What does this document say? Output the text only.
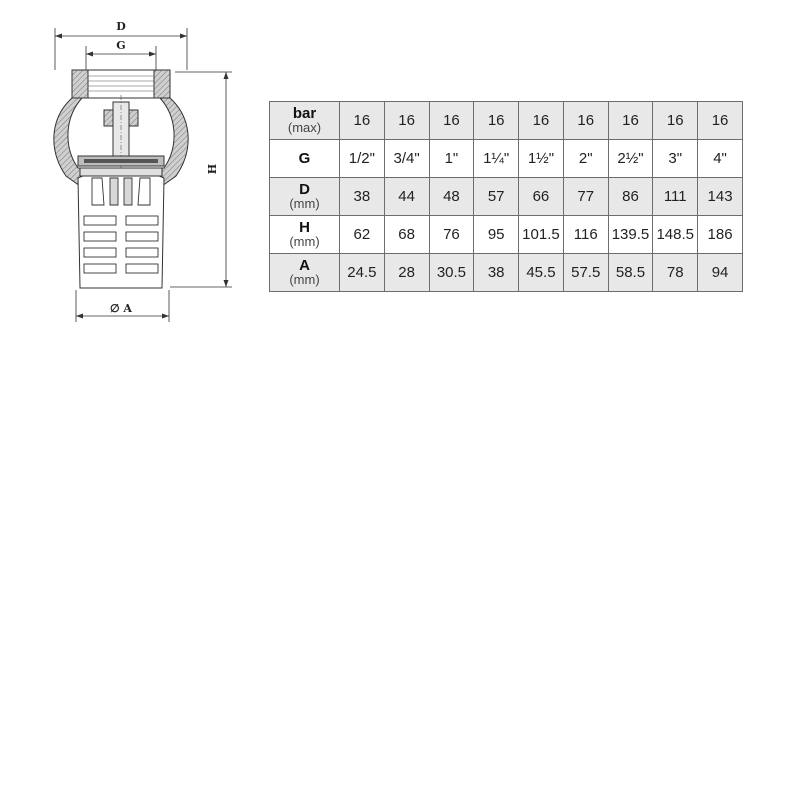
D
G
H
∅ A
bar
(max)	16	16	16	16	16	16	16	16	16

G	1/2"	3/4"	1"	1¼"	1½"	2"	2½"	3"	4"

D
(mm)	38	44	48	57	66	77	86	111	143

H
(mm)	62	68	76	95	101.5	116	139.5	148.5	186

A
(mm)	24.5	28	30.5	38	45.5	57.5	58.5	78	94
